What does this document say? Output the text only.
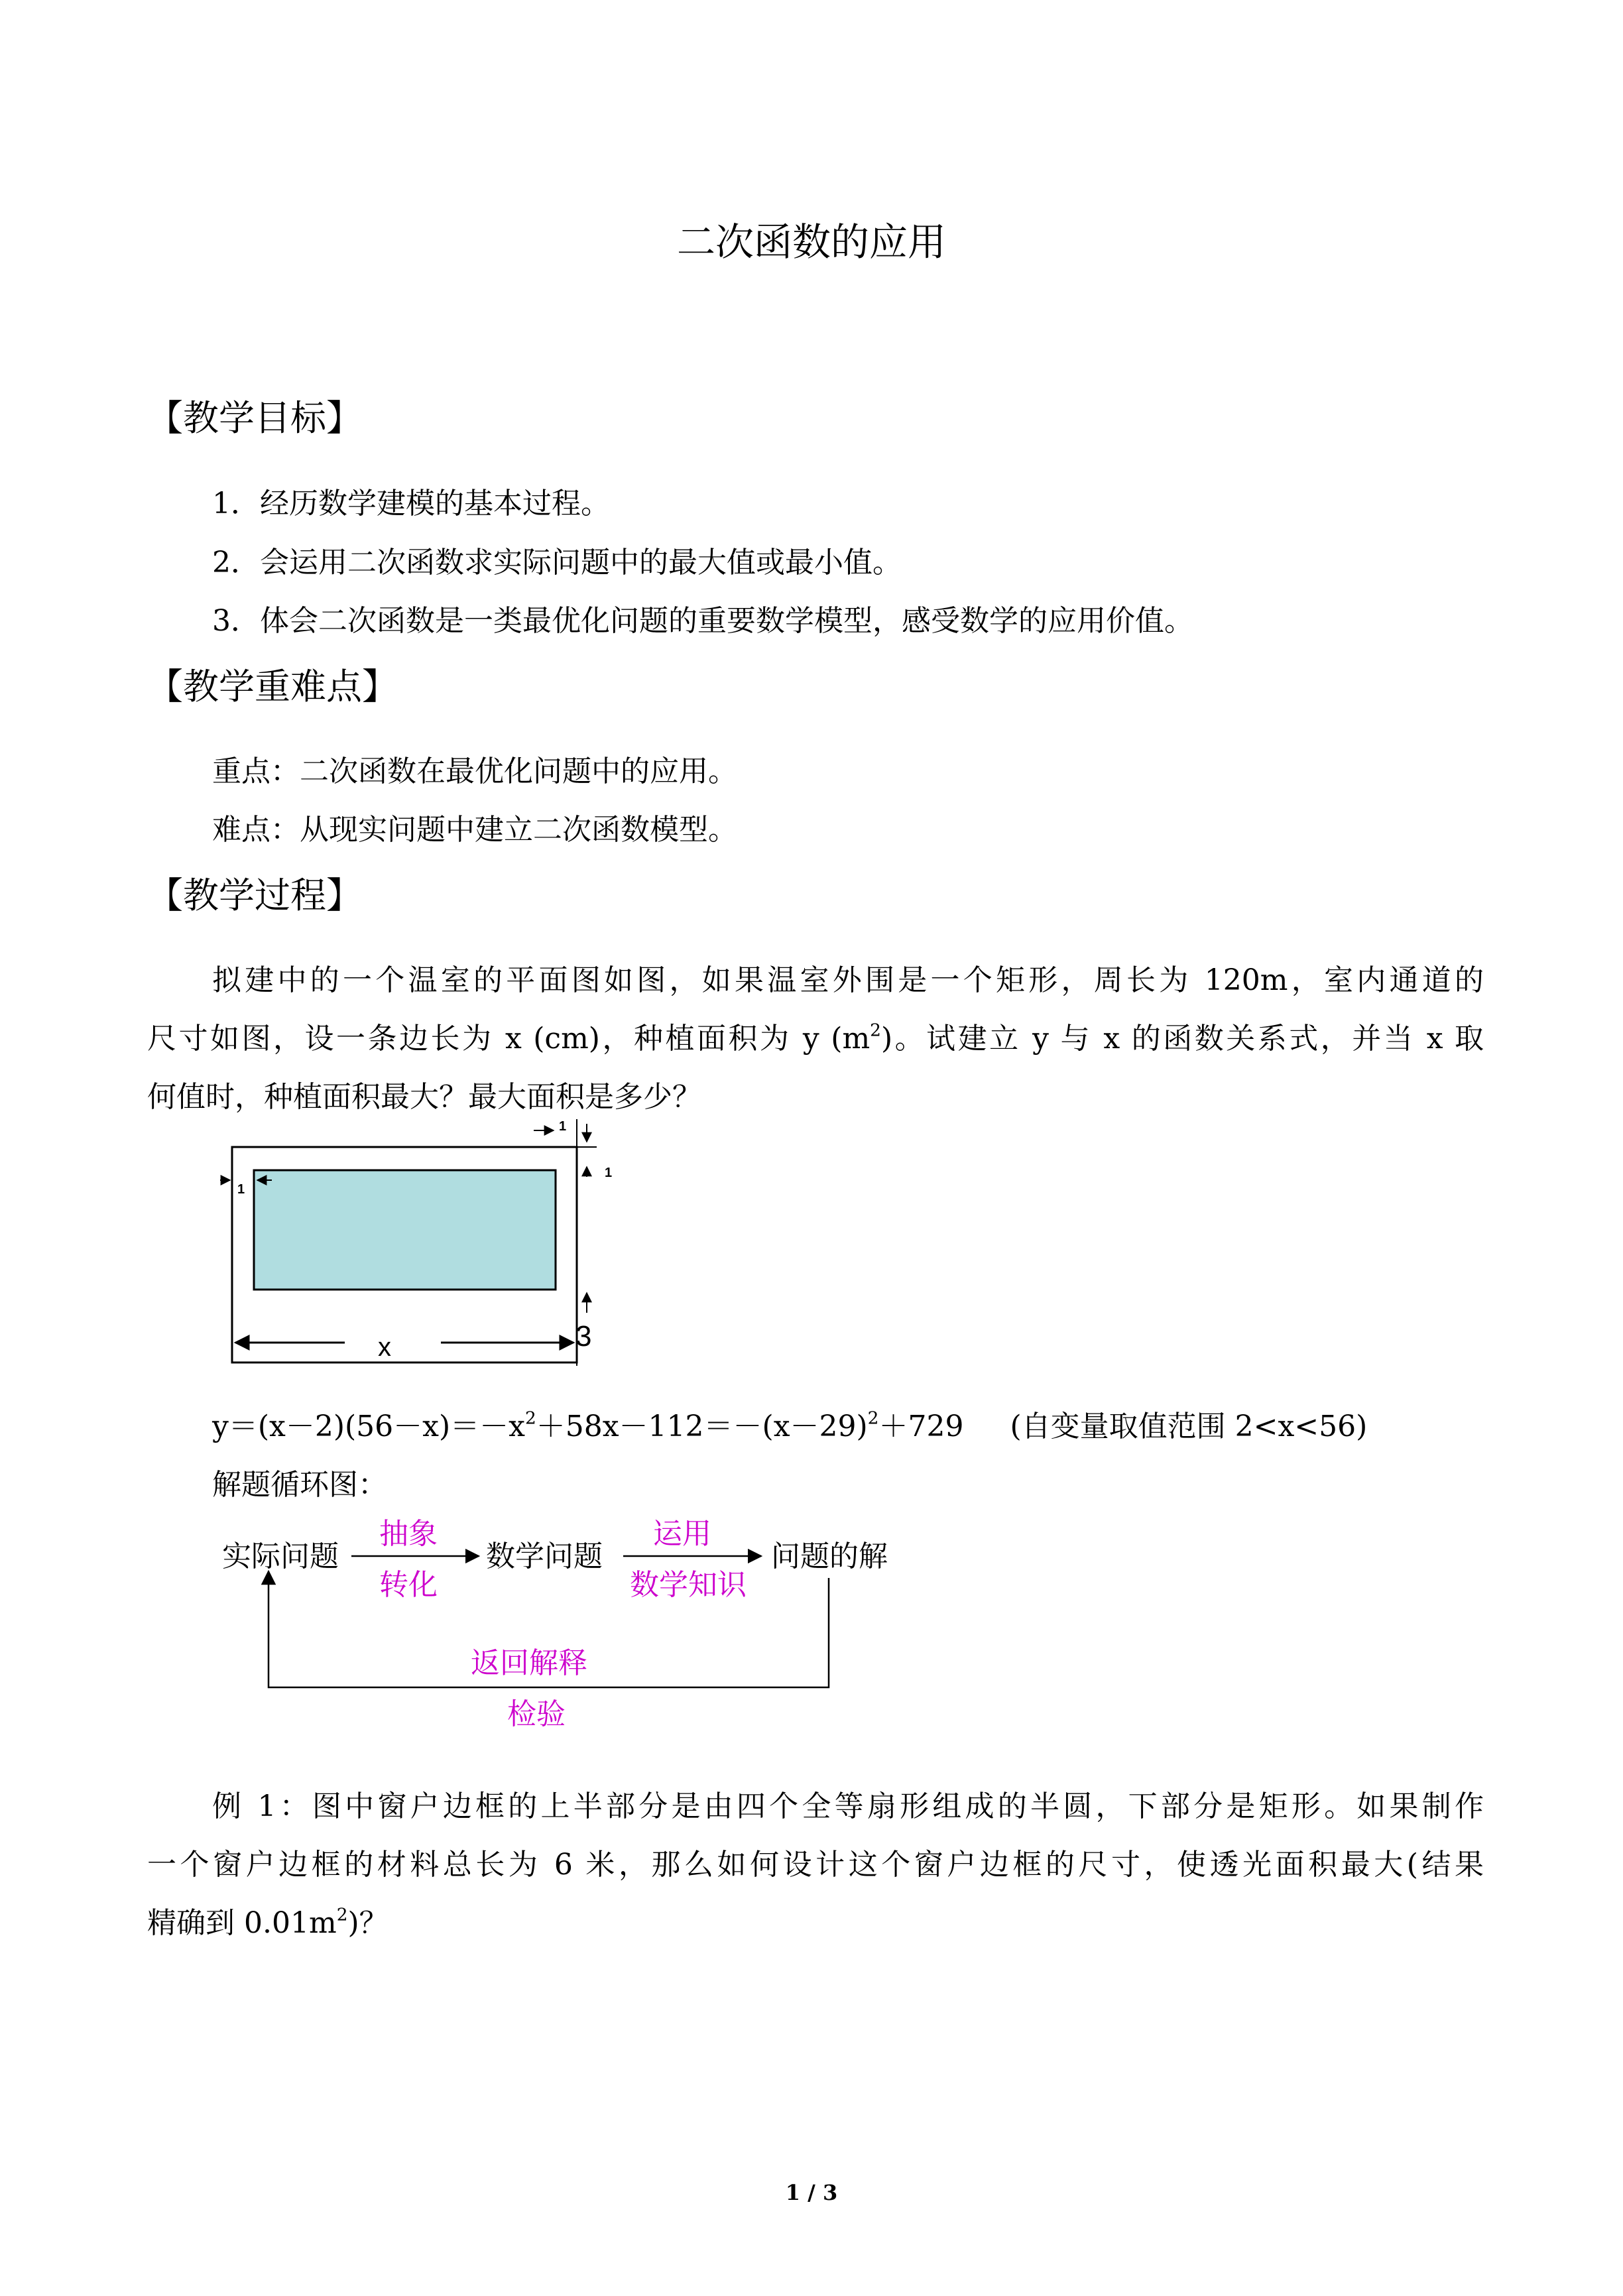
二次函数的应用
【教学目标】
1．经历数学建模的基本过程。
2．会运用二次函数求实际问题中的最大值或最小值。
3．体会二次函数是一类最优化问题的重要数学模型，感受数学的应用价值。
【教学重难点】
重点：二次函数在最优化问题中的应用。
难点：从现实问题中建立二次函数模型。
【教学过程】
拟建中的一个温室的平面图如图，如果温室外围是一个矩形，周长为 120m，室内通道的
尺寸如图，设一条边长为 x (cm)，种植面积为 y $(m^2)$。试建立 y 与 x 的函数关系式，并当 x 取
何值时，种植面积最大？最大面积是多少？
x
1
1
1
3
$y=(x-2)(56-x)=-x^2+58x-112=-(x-29)^2+729$ (自变量取值范围 2<x<56)
解题循环图：
实际问题
抽象
转化
数学问题
运用
数学知识
问题的解
返回解释
检验
例 1：图中窗户边框的上半部分是由四个全等扇形组成的半圆，下部分是矩形。如果制作
一个窗户边框的材料总长为 6 米，那么如何设计这个窗户边框的尺寸，使透光面积最大(结果
精确到 $0.01m^2$)？
1 / 3
